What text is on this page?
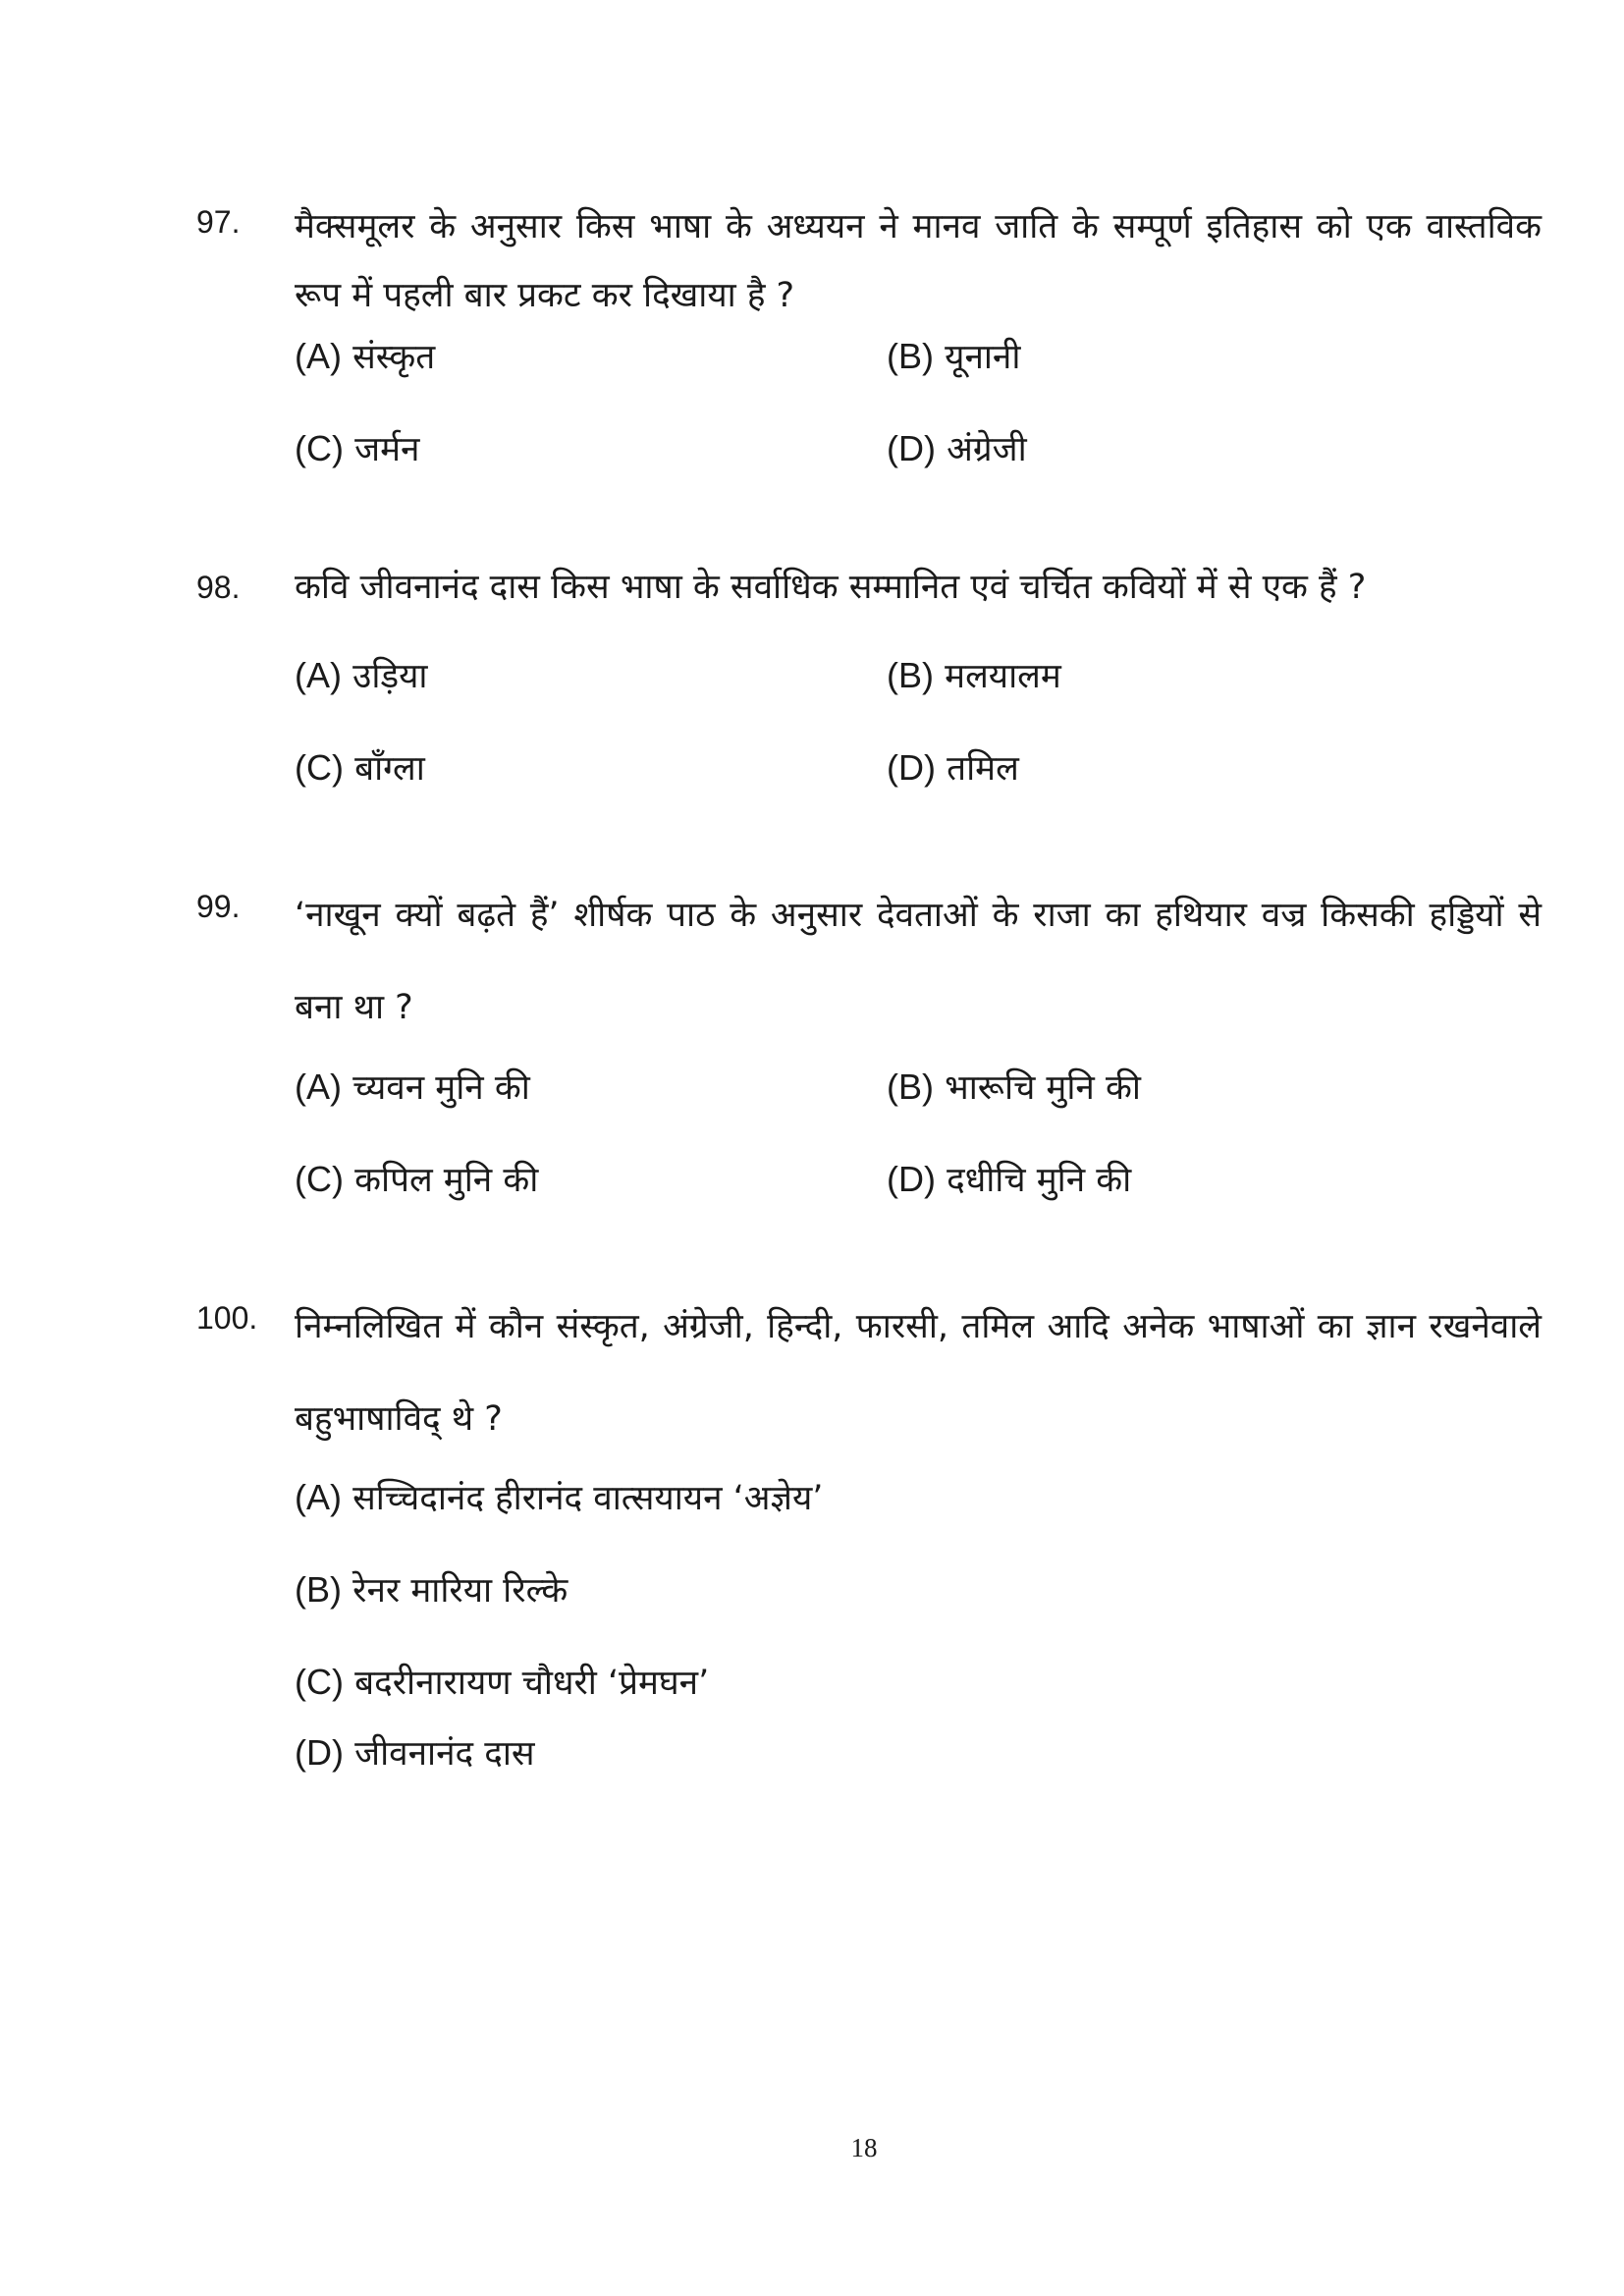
97. मैक्समूलर के अनुसार किस भाषा के अध्ययन ने मानव जाति के सम्पूर्ण इतिहास को एक वास्तविक रूप में पहली बार प्रकट कर दिखाया है ?
(A) संस्कृत	(B) यूनानी
(C) जर्मन	(D) अंग्रेजी
98. कवि जीवनानंद दास किस भाषा के सर्वाधिक सम्मानित एवं चर्चित कवियों में से एक हैं ?
(A) उड़िया	(B) मलयालम
(C) बाँग्ला	(D) तमिल
99. ‘नाखून क्यों बढ़ते हैं’ शीर्षक पाठ के अनुसार देवताओं के राजा का हथियार वज्र किसकी हड्डियों से बना था ?
(A) च्यवन मुनि की	(B) भारूचि मुनि की
(C) कपिल मुनि की	(D) दधीचि मुनि की
100. निम्नलिखित में कौन संस्कृत, अंग्रेजी, हिन्दी, फारसी, तमिल आदि अनेक भाषाओं का ज्ञान रखनेवाले बहुभाषाविद् थे ?
(A) सच्चिदानंद हीरानंद वात्सयायन ‘अज्ञेय’
(B) रेनर मारिया रिल्के
(C) बदरीनारायण चौधरी ‘प्रेमघन’
(D) जीवनानंद दास
18
